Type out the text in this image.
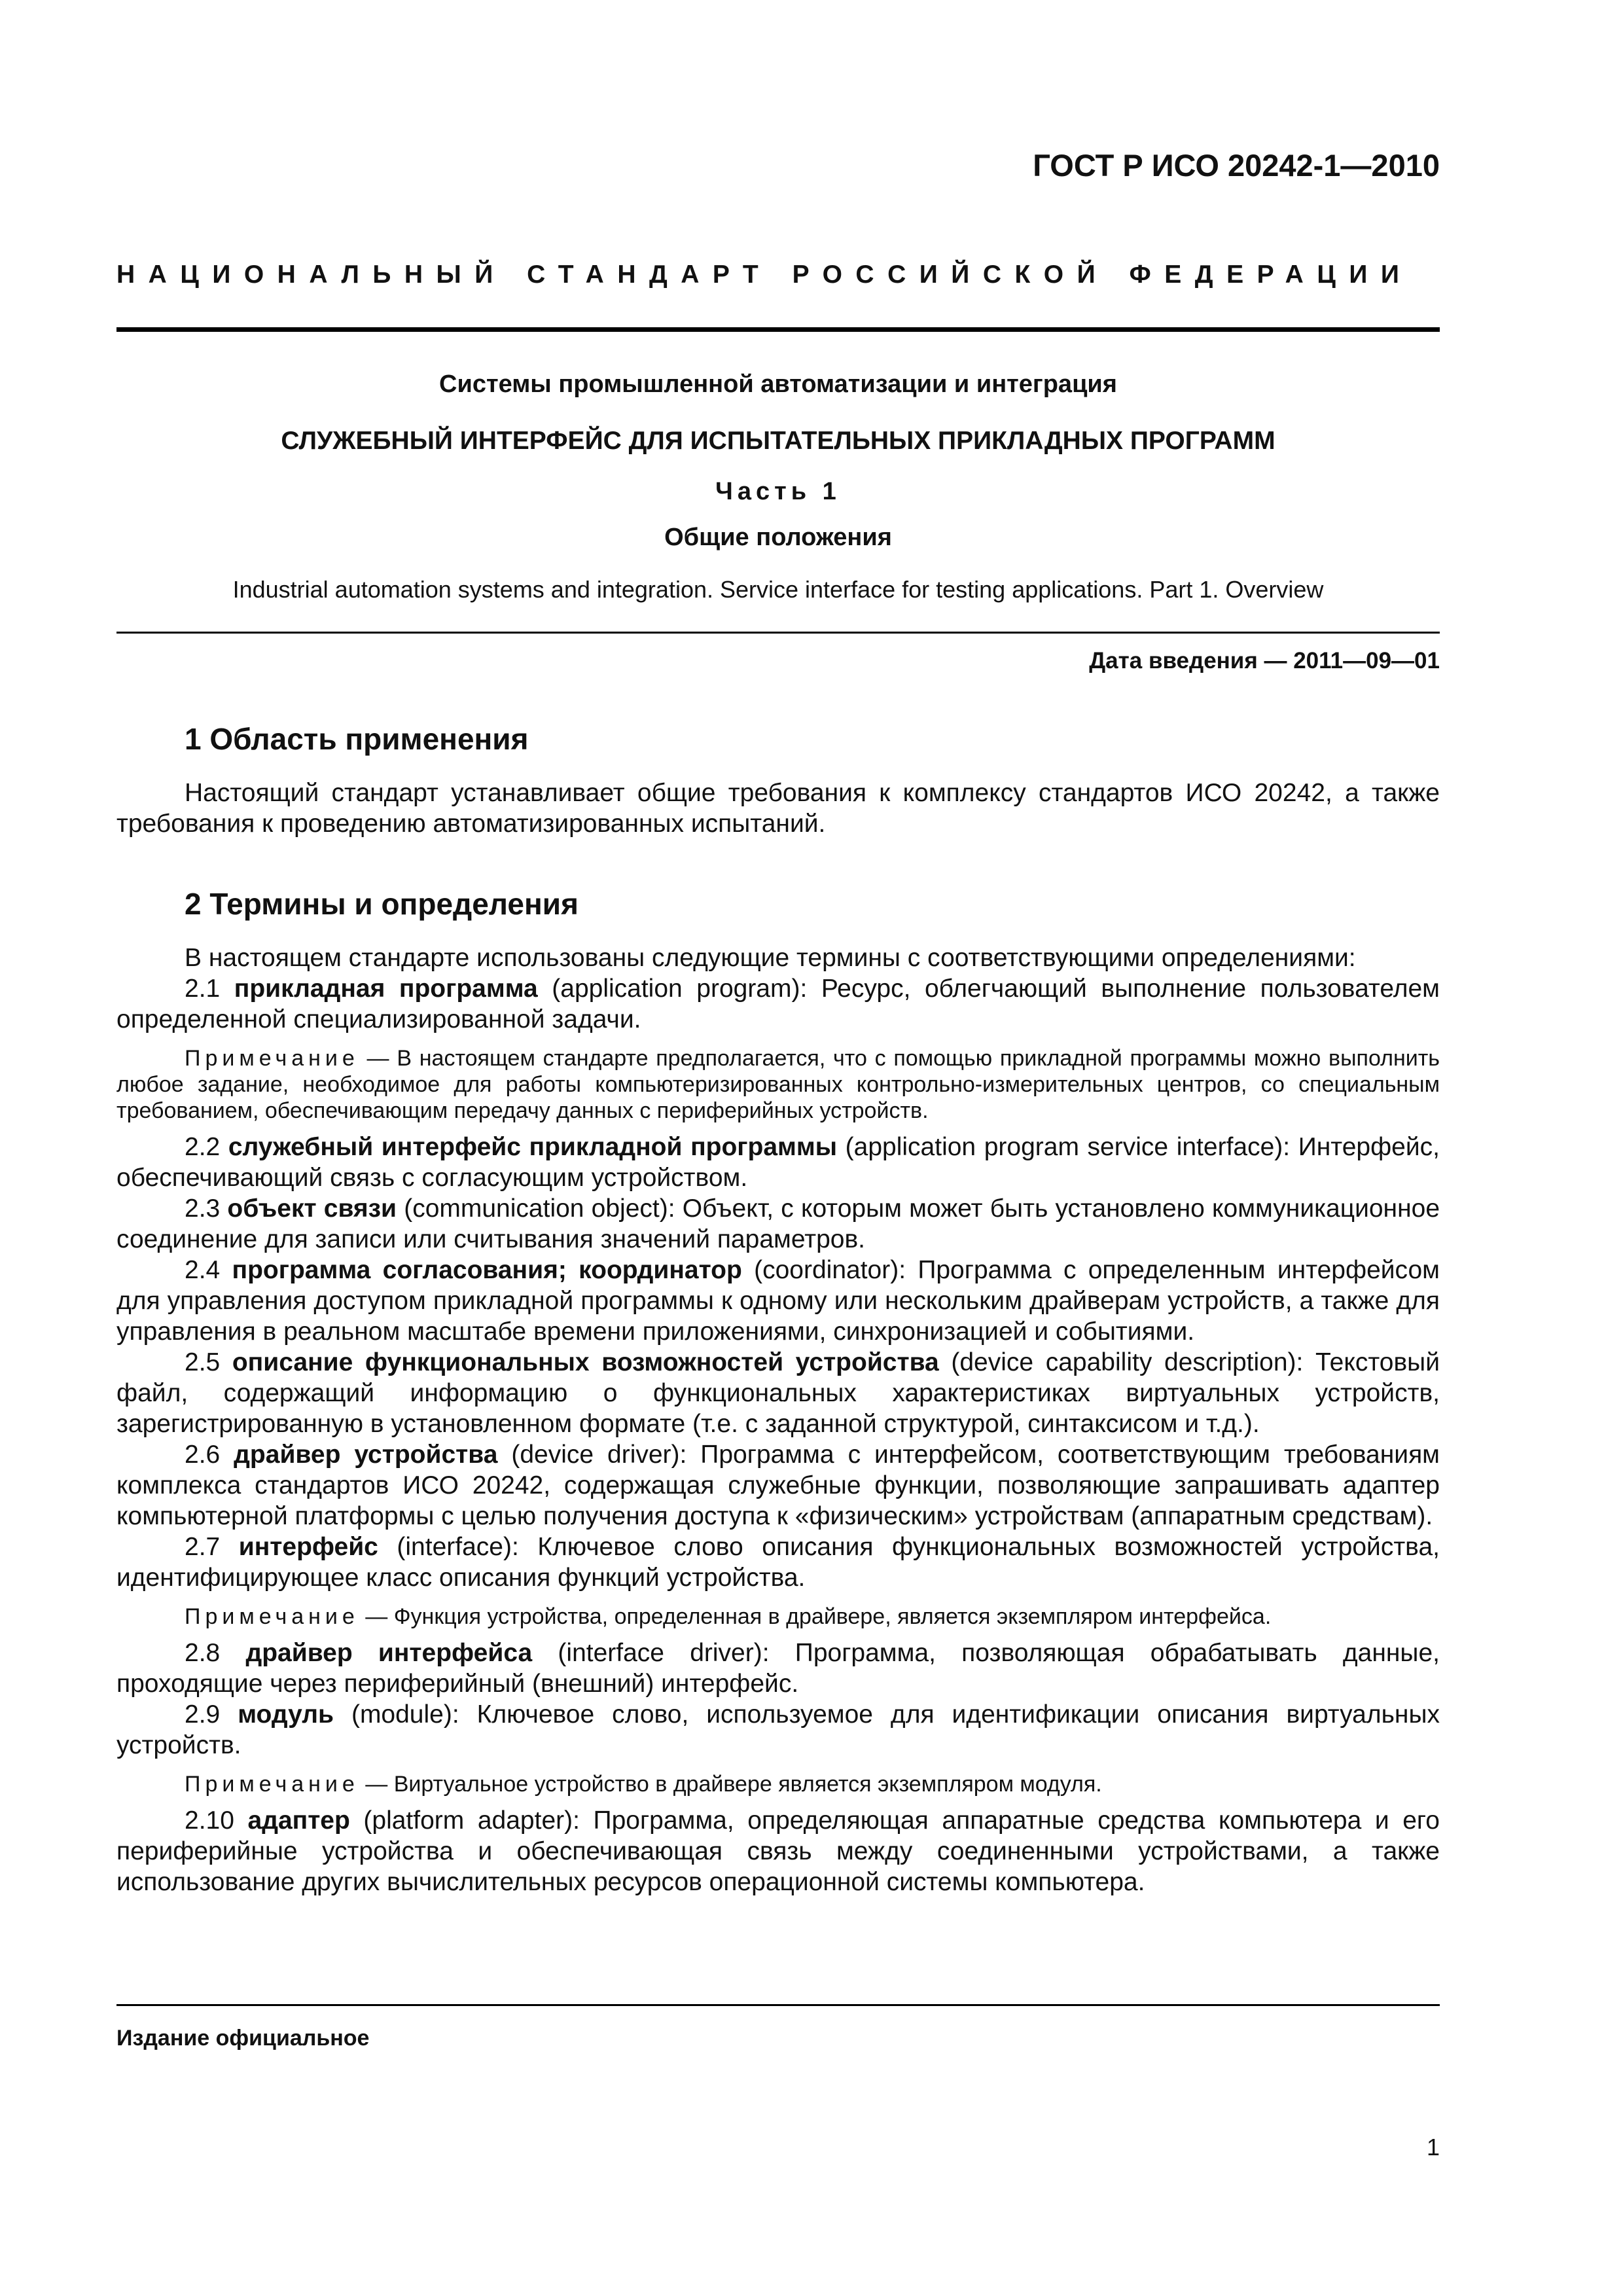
ГОСТ Р ИСО 20242-1—2010
НАЦИОНАЛЬНЫЙ СТАНДАРТ РОССИЙСКОЙ ФЕДЕРАЦИИ
Системы промышленной автоматизации и интеграция
СЛУЖЕБНЫЙ ИНТЕРФЕЙС ДЛЯ ИСПЫТАТЕЛЬНЫХ ПРИКЛАДНЫХ ПРОГРАММ
Часть 1
Общие положения
Industrial automation systems and integration. Service interface for testing applications. Part 1. Overview
Дата введения — 2011—09—01
1 Область применения

Настоящий стандарт устанавливает общие требования к комплексу стандартов ИСО 20242, а также требования к проведению автоматизированных испытаний.

2 Термины и определения

В настоящем стандарте использованы следующие термины с соответствующими определениями:

2.1 прикладная программа (application program): Ресурс, облегчающий выполнение пользователем определенной специализированной задачи.

Примечание — В настоящем стандарте предполагается, что с помощью прикладной программы можно выполнить любое задание, необходимое для работы компьютеризированных контрольно-измерительных центров, со специальным требованием, обеспечивающим передачу данных с периферийных устройств.

2.2 служебный интерфейс прикладной программы (application program service interface): Интерфейс, обеспечивающий связь с согласующим устройством.

2.3 объект связи (communication object): Объект, с которым может быть установлено коммуникационное соединение для записи или считывания значений параметров.

2.4 программа согласования; координатор (coordinator): Программа с определенным интерфейсом для управления доступом прикладной программы к одному или нескольким драйверам устройств, а также для управления в реальном масштабе времени приложениями, синхронизацией и событиями.

2.5 описание функциональных возможностей устройства (device capability description): Текстовый файл, содержащий информацию о функциональных характеристиках виртуальных устройств, зарегистрированную в установленном формате (т.е. с заданной структурой, синтаксисом и т.д.).

2.6 драйвер устройства (device driver): Программа с интерфейсом, соответствующим требованиям комплекса стандартов ИСО 20242, содержащая служебные функции, позволяющие запрашивать адаптер компьютерной платформы с целью получения доступа к «физическим» устройствам (аппаратным средствам).

2.7 интерфейс (interface): Ключевое слово описания функциональных возможностей устройства, идентифицирующее класс описания функций устройства.

Примечание — Функция устройства, определенная в драйвере, является экземпляром интерфейса.

2.8 драйвер интерфейса (interface driver): Программа, позволяющая обрабатывать данные, проходящие через периферийный (внешний) интерфейс.

2.9 модуль (module): Ключевое слово, используемое для идентификации описания виртуальных устройств.

Примечание — Виртуальное устройство в драйвере является экземпляром модуля.

2.10 адаптер (platform adapter): Программа, определяющая аппаратные средства компьютера и его периферийные устройства и обеспечивающая связь между соединенными устройствами, а также использование других вычислительных ресурсов операционной системы компьютера.

Издание официальное
1
